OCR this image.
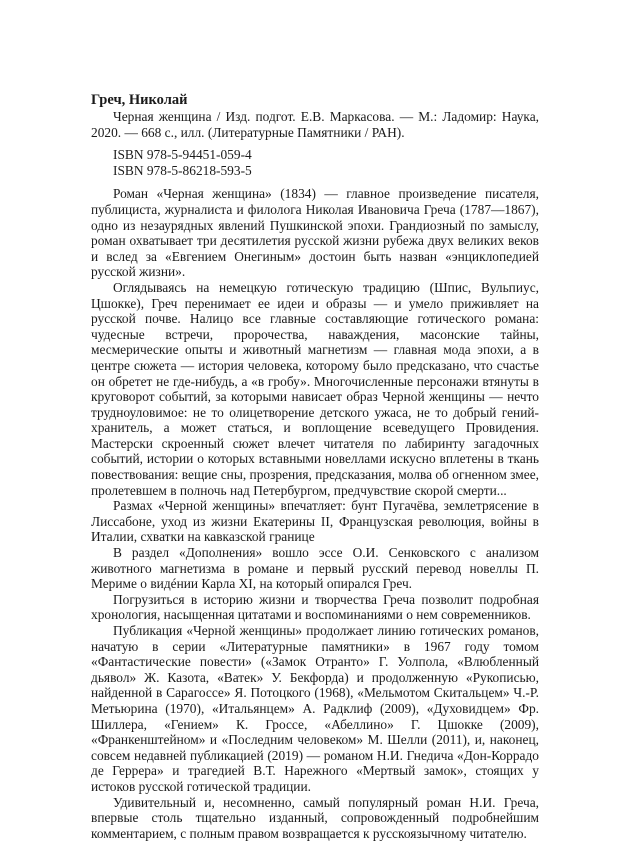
Греч, Николай

Черная женщина / Изд. подгот. Е.В. Маркасова. — М.: Ладомир: Наука, 2020. — 668 с., илл. (Литературные Памятники / РАН).

ISBN 978-5-94451-059-4

ISBN 978-5-86218-593-5

Роман «Черная женщина» (1834) — главное произведение писателя, публициста, журналиста и филолога Николая Ивановича Греча (1787—1867), одно из незаурядных явлений Пушкинской эпохи. Грандиозный по замыслу, роман охватывает три десятилетия русской жизни рубежа двух великих веков и вслед за «Евгением Онегиным» достоин быть назван «энциклопедией русской жизни».

Оглядываясь на немецкую готическую традицию (Шпис, Вульпиус, Цшокке), Греч перенимает ее идеи и образы — и умело приживляет на русской почве. Налицо все главные составляющие готического романа: чудесные встречи, пророчества, наваждения, масонские тайны, месмерические опыты и животный магнетизм — главная мода эпохи, а в центре сюжета — история человека, которому было предсказано, что счастье он обретет не где-нибудь, а «в гробу». Многочисленные персонажи втянуты в круговорот событий, за которыми нависает образ Черной женщины — нечто трудноуловимое: не то олицетворение детского ужаса, не то добрый гений-хранитель, а может статься, и воплощение всеведущего Провидения. Мастерски скроенный сюжет влечет читателя по лабиринту загадочных событий, истории о которых вставными новеллами искусно вплетены в ткань повествования: вещие сны, прозрения, предсказания, молва об огненном змее, пролетевшем в полночь над Петербургом, предчувствие скорой смерти...

Размах «Черной женщины» впечатляет: бунт Пугачёва, землетрясение в Лиссабоне, уход из жизни Екатерины II, Французская революция, войны в Италии, схватки на кавказской границе

В раздел «Дополнения» вошло эссе О.И. Сенковского с анализом животного магнетизма в романе и первый русский перевод новеллы П. Мериме о видéнии Карла XI, на который опирался Греч.

Погрузиться в историю жизни и творчества Греча позволит подробная хронология, насыщенная цитатами и воспоминаниями о нем современников.

Публикация «Черной женщины» продолжает линию готических романов, начатую в серии «Литературные памятники» в 1967 году томом «Фантастические повести» («Замок Отранто» Г. Уолпола, «Влюбленный дьявол» Ж. Казота, «Ватек» У. Бекфорда) и продолженную «Рукописью, найденной в Сарагоссе» Я. Потоцкого (1968), «Мельмотом Скитальцем» Ч.-Р. Метьюрина (1970), «Итальянцем» А. Радклиф (2009), «Духовидцем» Фр. Шиллера, «Гением» К. Гроссе, «Абеллино» Г. Цшокке (2009), «Франкенштейном» и «Последним человеком» М. Шелли (2011), и, наконец, совсем недавней публикацией (2019) — романом Н.И. Гнедича «Дон-Коррадо де Геррера» и трагедией В.Т. Нарежного «Мертвый замок», стоящих у истоков русской готической традиции.

Удивительный и, несомненно, самый популярный роман Н.И. Греча, впервые столь тщательно изданный, сопровожденный подробнейшим комментарием, с полным правом возвращается к русскоязычному читателю.
